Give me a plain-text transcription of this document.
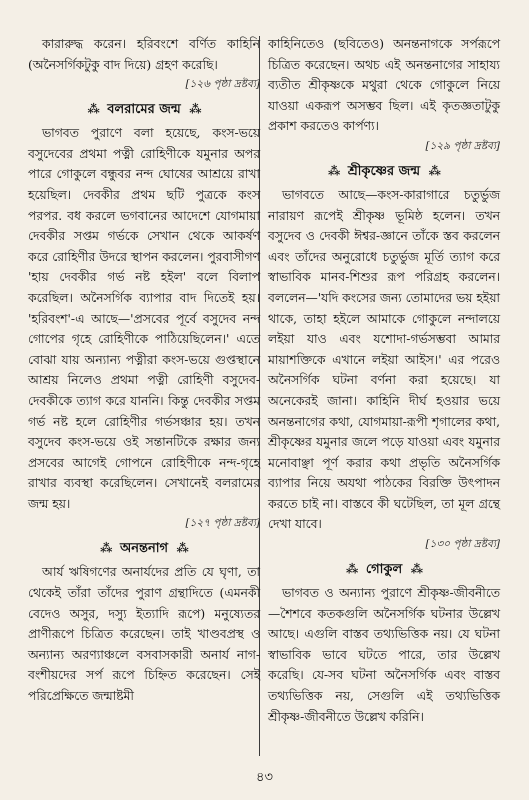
কারারুদ্ধ করেন। হরিবংশে বর্ণিত কাহিনি (অনৈসর্গিকটুকু বাদ দিয়ে) গ্রহণ করেছি।

[১২৬ পৃষ্ঠা দ্রষ্টব্য]
⁂ বলরামের জন্ম ⁂

ভাগবত পুরাণে বলা হয়েছে, কংস-ভয়ে বসুদেবের প্রথমা পত্নী রোহিণীকে যমুনার অপর পারে গোকুলে বন্ধুবর নন্দ ঘোষের আশ্রয়ে রাখা হয়েছিল। দেবকীর প্রথম ছটি পুত্রকে কংস পরপর. বধ করলে ভগবানের আদেশে যোগমায়া দেবকীর সপ্তম গর্ভকে সেখান থেকে আকর্ষণ করে রোহিণীর উদরে স্থাপন করলেন। পুরবাসীগণ 'হায় দেবকীর গর্ভ নষ্ট হইল' বলে বিলাপ করেছিল। অনৈসর্গিক ব্যাপার বাদ দিতেই হয়। 'হরিবংশ'-এ আছে—'প্রসবের পূর্বে বসুদেব নন্দ গোপের গৃহে রোহিণীকে পাঠিয়েছিলেন।' এতে বোঝা যায় অন্যান্য পত্নীরা কংস-ভয়ে গুপ্তস্থানে আশ্রয় নিলেও প্রথমা পত্নী রোহিণী বসুদেব-দেবকীকে ত্যাগ করে যাননি। কিন্তু দেবকীর সপ্তম গর্ভ নষ্ট হলে রোহিণীর গর্ভসঞ্চার হয়। তখন বসুদেব কংস-ভয়ে ওই সন্তানটিকে রক্ষার জন্য প্রসবের আগেই গোপনে রোহিণীকে নন্দ-গৃহে রাখার ব্যবস্থা করেছিলেন। সেখানেই বলরামের জন্ম হয়।

[১২৭ পৃষ্ঠা দ্রষ্টব্য]
⁂ অনন্তনাগ ⁂

আর্য ঋষিগণের অনার্যদের প্রতি যে ঘৃণা, তা থেকেই তাঁরা তাঁদের পুরাণ গ্রন্থাদিতে (এমনকী বেদেও অসুর, দস্যু ইত্যাদি রূপে) মনুষ্যেতর প্রাণীরূপে চিত্রিত করেছেন। তাই খাণ্ডবপ্রস্থ ও অন্যান্য অরণ্যাঞ্চলে বসবাসকারী অনার্য নাগ-বংশীয়দের সর্প রূপে চিহ্নিত করেছেন। সেই পরিপ্রেক্ষিতে জন্মাষ্টমী

কাহিনিতেও (ছবিতেও) অনন্তনাগকে সর্পরূপে চিত্রিত করেছেন। অথচ এই অনন্তনাগের সাহায্য ব্যতীত শ্রীকৃষ্ণকে মথুরা থেকে গোকুলে নিয়ে যাওয়া একরূপ অসম্ভব ছিল। এই কৃতজ্ঞতাটুকু প্রকাশ করতেও কার্পণ্য।

[১২৯ পৃষ্ঠা দ্রষ্টব্য]
⁂ শ্রীকৃষ্ণের জন্ম ⁂

ভাগবতে আছে—কংস-কারাগারে চতুর্ভুজ নারায়ণ রূপেই শ্রীকৃষ্ণ ভূমিষ্ঠ হলেন। তখন বসুদেব ও দেবকী ঈশ্বর-জ্ঞানে তাঁকে স্তব করলেন এবং তাঁদের অনুরোধে চতুর্ভুজ মূর্তি ত্যাগ করে স্বাভাবিক মানব-শিশুর রূপ পরিগ্রহ করলেন। বললেন—'যদি কংসের জন্য তোমাদের ভয় হইয়া থাকে, তাহা হইলে আমাকে গোকুলে নন্দালয়ে লইয়া যাও এবং যশোদা-গর্ভসম্ভবা আমার মায়াশক্তিকে এখানে লইয়া আইস।' এর পরেও অনৈসর্গিক ঘটনা বর্ণনা করা হয়েছে। যা অনেকেরই জানা। কাহিনি দীর্ঘ হওয়ার ভয়ে অনন্তনাগের কথা, যোগমায়া-রূপী শৃগালের কথা, শ্রীকৃষ্ণের যমুনার জলে পড়ে যাওয়া এবং যমুনার মনোবাঞ্ছা পূর্ণ করার কথা প্রভৃতি অনৈসর্গিক ব্যাপার নিয়ে অযথা পাঠকের বিরক্তি উৎপাদন করতে চাই না। বাস্তবে কী ঘটেছিল, তা মূল গ্রন্থে দেখা যাবে।

[১৩০ পৃষ্ঠা দ্রষ্টব্য]
⁂ গোকুল ⁂

ভাগবত ও অন্যান্য পুরাণে শ্রীকৃষ্ণ-জীবনীতে—শৈশবে কতকগুলি অনৈসর্গিক ঘটনার উল্লেখ আছে। এগুলি বাস্তব তথ্যভিত্তিক নয়। যে ঘটনা স্বাভাবিক ভাবে ঘটতে পারে, তার উল্লেখ করেছি। যে-সব ঘটনা অনৈসর্গিক এবং বাস্তব তথ্যভিত্তিক নয়, সেগুলি এই তথ্যভিত্তিক শ্রীকৃষ্ণ-জীবনীতে উল্লেখ করিনি।

৪৩
